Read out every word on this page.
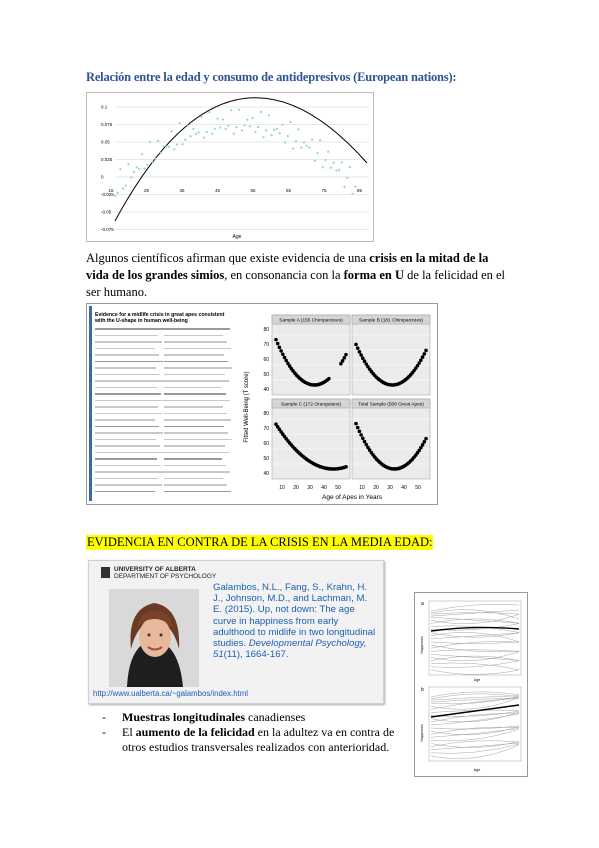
Relación entre la edad y consumo de antidepresivos (European nations):
0.1
0.075
0.05
0.025
0
-0.025
-0.05
-0.075
15	25	35	45	55	65	75	85
Age
Algunos científicos afirman que existe evidencia de una crisis en la mitad de la vida de los grandes simios, en consonancia con la forma en U de la felicidad en el ser humano.
Evidence for a midlife crisis in great apes consistent with the U-shape in human well-being
Fitted Well-Being (T score)
Age of Apes in Years
Sample A (155 Chimpanzees)	Sample B (181 Chimpanzees)
Sample C (172 Orangutans)	Total Sample (508 Great Apes)
80
80
70
70
60
60
50
50
40
40
10	10
20	20
30	30
40	40
50	50
EVIDENCIA EN CONTRA DE LA CRISIS EN LA MEDIA EDAD:
UNIVERSITY OF ALBERTA
DEPARTMENT OF PSYCHOLOGY
Galambos, N.L., Fang, S., Krahn, H. J., Johnson, M.D., and Lachman, M. E. (2015). Up, not down: The age curve in happiness from early adulthood to midlife in two longitudinal studies. Developmental Psychology, 51(11), 1664-167.
http://www.ualberta.ca/~galambos/index.html
- Muestras longitudinales canadienses
- El aumento de la felicidad en la adultez va en contra de otros estudios transversales realizados con anterioridad.
a
b
Happiness
Happiness
Age
Age
